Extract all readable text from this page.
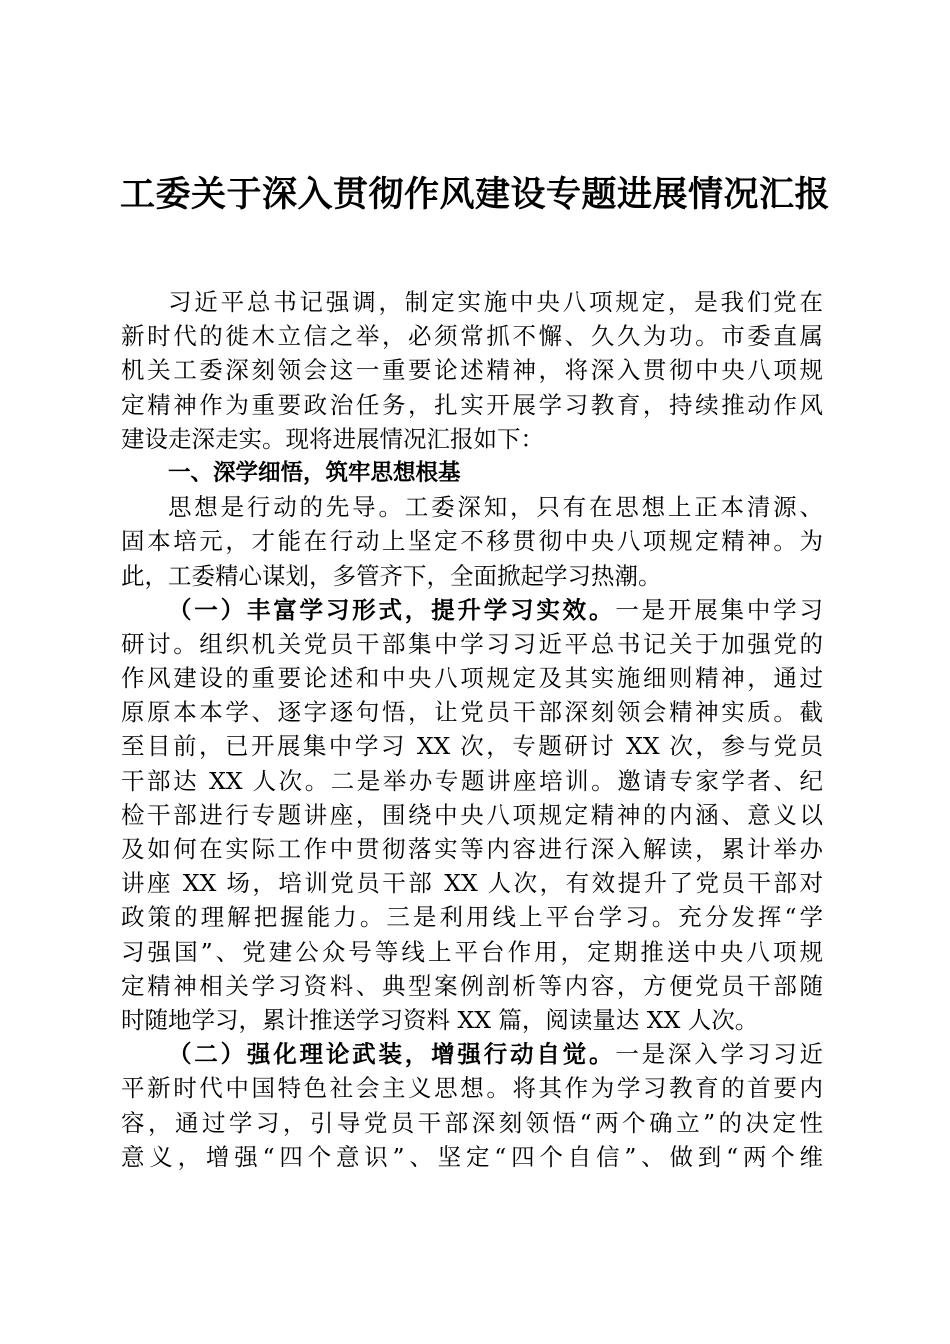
工委关于深入贯彻作风建设专题进展情况汇报
习近平总书记强调，制定实施中央八项规定，是我们党在
新时代的徙木立信之举，必须常抓不懈、久久为功。市委直属
机关工委深刻领会这一重要论述精神，将深入贯彻中央八项规
定精神作为重要政治任务，扎实开展学习教育，持续推动作风
建设走深走实。现将进展情况汇报如下：
一、深学细悟，筑牢思想根基
思想是行动的先导。工委深知，只有在思想上正本清源、
固本培元，才能在行动上坚定不移贯彻中央八项规定精神。为
此，工委精心谋划，多管齐下，全面掀起学习热潮。
（一）丰富学习形式，提升学习实效。一是开展集中学习
研讨。组织机关党员干部集中学习习近平总书记关于加强党的
作风建设的重要论述和中央八项规定及其实施细则精神，通过
原原本本学、逐字逐句悟，让党员干部深刻领会精神实质。截
至目前，已开展集中学习 XX 次，专题研讨 XX 次，参与党员
干部达 XX 人次。二是举办专题讲座培训。邀请专家学者、纪
检干部进行专题讲座，围绕中央八项规定精神的内涵、意义以
及如何在实际工作中贯彻落实等内容进行深入解读，累计举办
讲座 XX 场，培训党员干部 XX 人次，有效提升了党员干部对
政策的理解把握能力。三是利用线上平台学习。充分发挥“学
习强国”、党建公众号等线上平台作用，定期推送中央八项规
定精神相关学习资料、典型案例剖析等内容，方便党员干部随
时随地学习，累计推送学习资料 XX 篇，阅读量达 XX 人次。
（二）强化理论武装，增强行动自觉。一是深入学习习近
平新时代中国特色社会主义思想。将其作为学习教育的首要内
容，通过学习，引导党员干部深刻领悟“两个确立”的决定性
意义，增强“四个意识”、坚定“四个自信”、做到“两个维
